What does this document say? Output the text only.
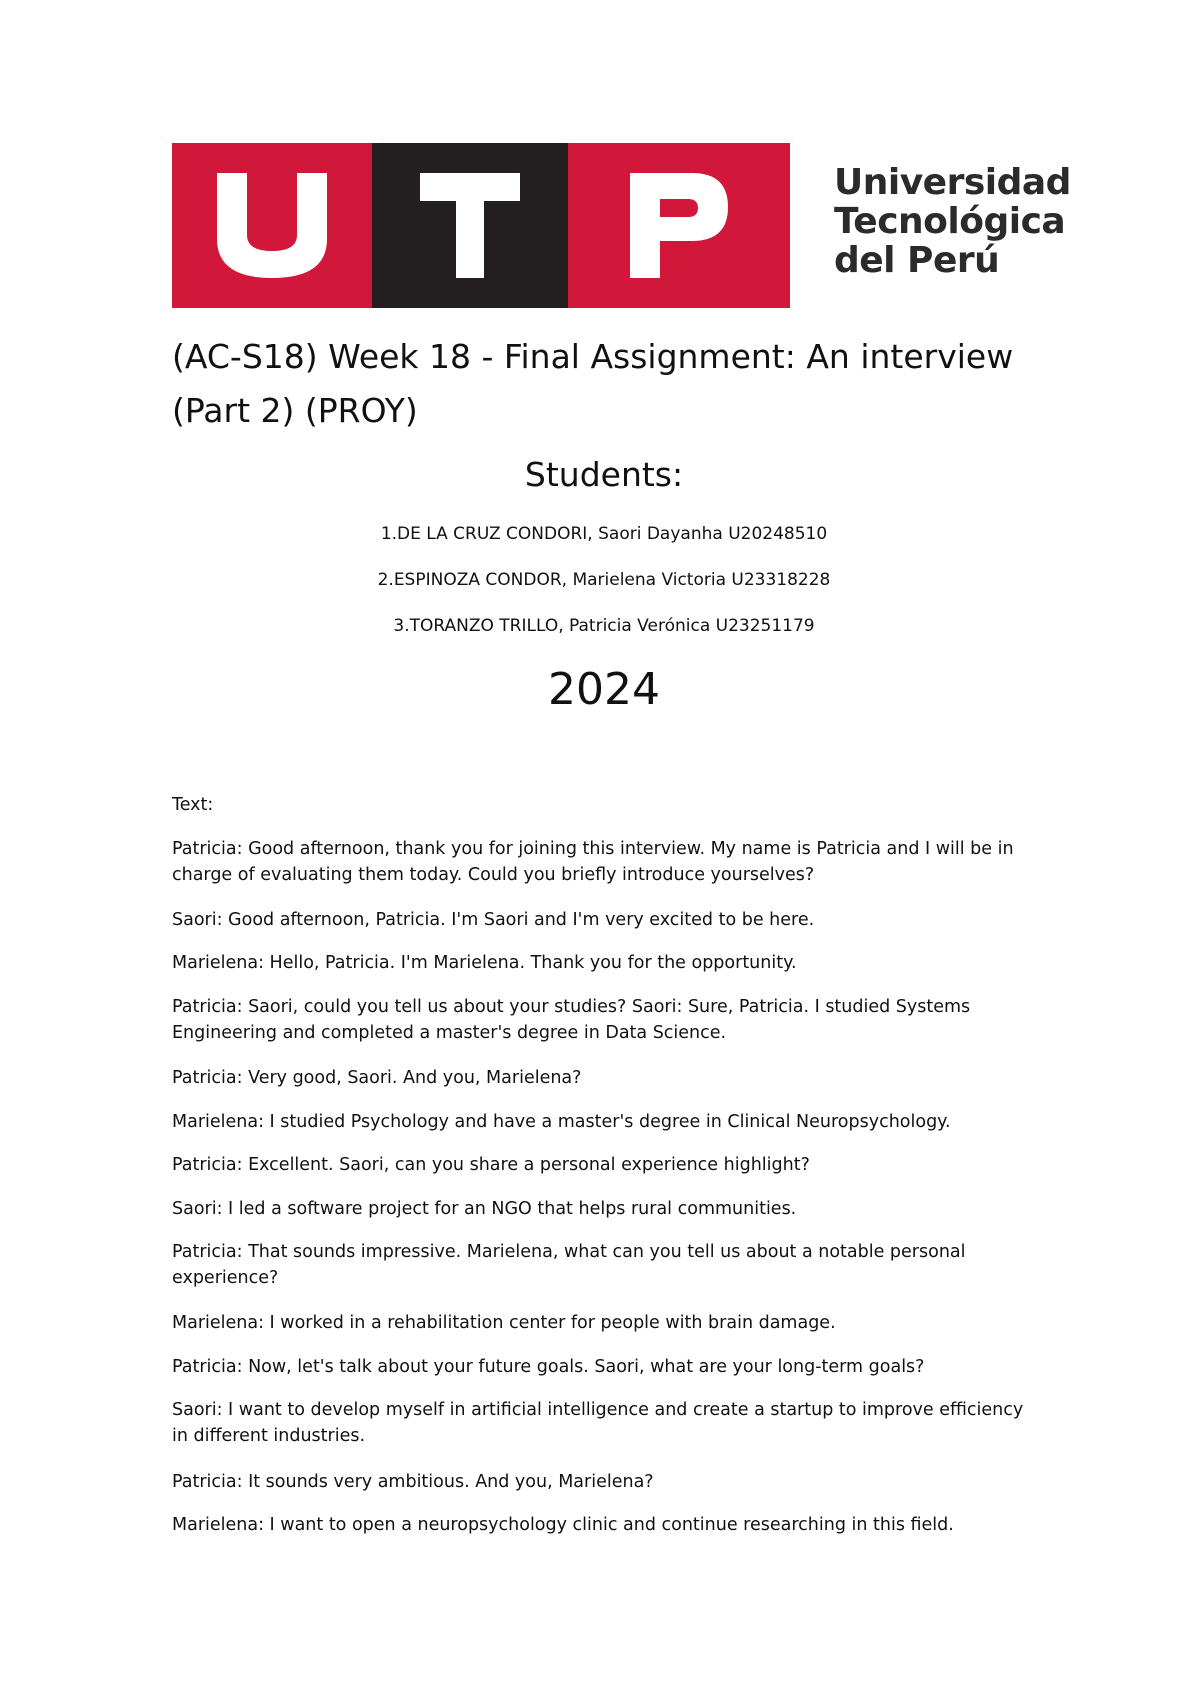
Universidad
Tecnológica
del Perú
(AC-S18) Week 18 - Final Assignment: An interview
(Part 2) (PROY)
Students:
1.DE LA CRUZ CONDORI, Saori Dayanha U20248510
2.ESPINOZA CONDOR, Marielena Victoria U23318228
3.TORANZO TRILLO, Patricia Verónica U23251179
2024
Text:
Patricia: Good afternoon, thank you for joining this interview. My name is Patricia and I will be in charge of evaluating them today. Could you briefly introduce yourselves?
Saori: Good afternoon, Patricia. I'm Saori and I'm very excited to be here.
Marielena: Hello, Patricia. I'm Marielena. Thank you for the opportunity.
Patricia: Saori, could you tell us about your studies? Saori: Sure, Patricia. I studied Systems Engineering and completed a master's degree in Data Science.
Patricia: Very good, Saori. And you, Marielena?
Marielena: I studied Psychology and have a master's degree in Clinical Neuropsychology.
Patricia: Excellent. Saori, can you share a personal experience highlight?
Saori: I led a software project for an NGO that helps rural communities.
Patricia: That sounds impressive. Marielena, what can you tell us about a notable personal experience?
Marielena: I worked in a rehabilitation center for people with brain damage.
Patricia: Now, let's talk about your future goals. Saori, what are your long-term goals?
Saori: I want to develop myself in artificial intelligence and create a startup to improve efficiency in different industries.
Patricia: It sounds very ambitious. And you, Marielena?
Marielena: I want to open a neuropsychology clinic and continue researching in this field.
